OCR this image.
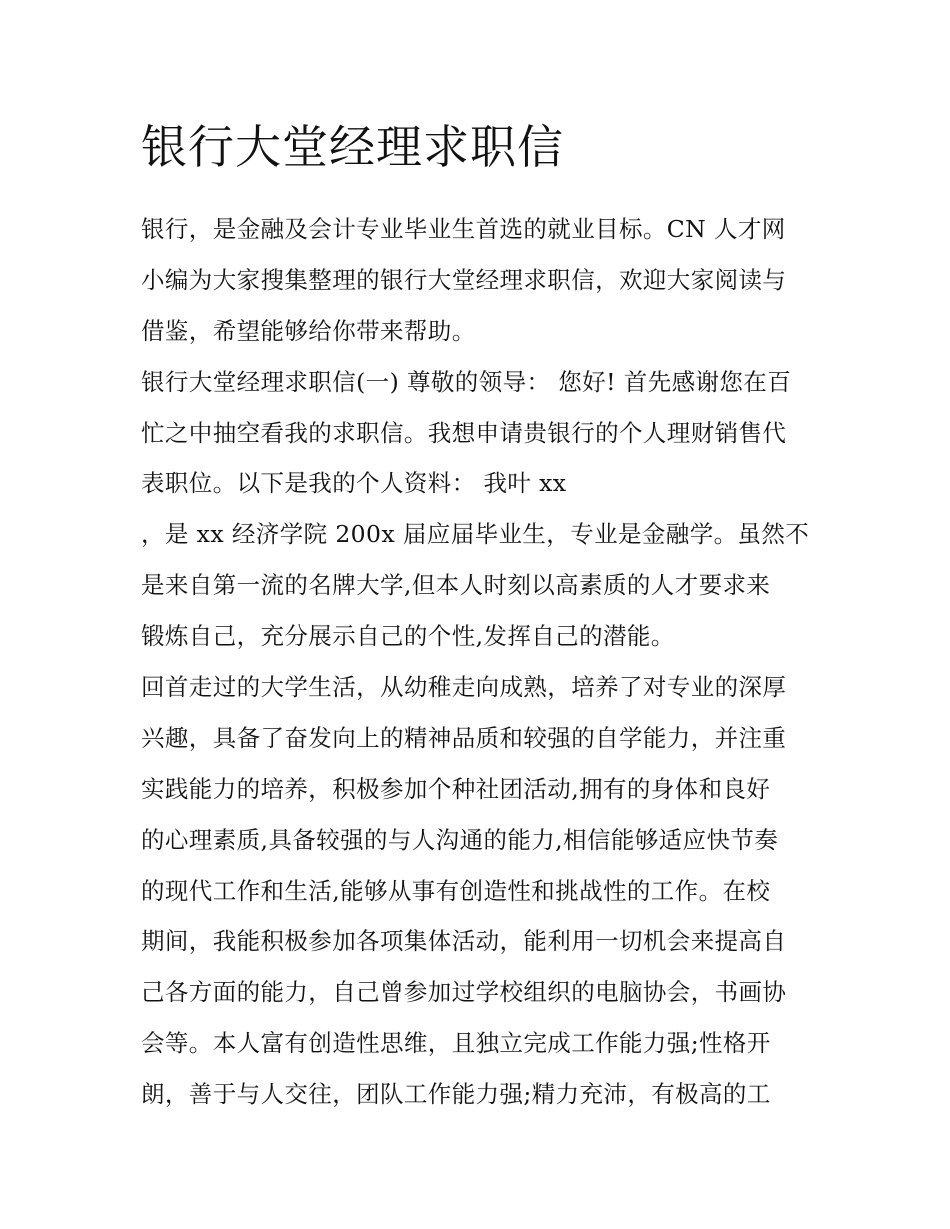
银行大堂经理求职信
银行，是金融及会计专业毕业生首选的就业目标。CN 人才网
小编为大家搜集整理的银行大堂经理求职信，欢迎大家阅读与
借鉴，希望能够给你带来帮助。
银行大堂经理求职信(一) 尊敬的领导： 您好! 首先感谢您在百
忙之中抽空看我的求职信。我想申请贵银行的个人理财销售代
表职位。以下是我的个人资料： 我叶 xx
，是 xx 经济学院 200x 届应届毕业生，专业是金融学。虽然不
是来自第一流的名牌大学,但本人时刻以高素质的人才要求来
锻炼自己，充分展示自己的个性,发挥自己的潜能。
回首走过的大学生活，从幼稚走向成熟，培养了对专业的深厚
兴趣，具备了奋发向上的精神品质和较强的自学能力，并注重
实践能力的培养，积极参加个种社团活动,拥有的身体和良好
的心理素质,具备较强的与人沟通的能力,相信能够适应快节奏
的现代工作和生活,能够从事有创造性和挑战性的工作。在校
期间，我能积极参加各项集体活动，能利用一切机会来提高自
己各方面的能力，自己曾参加过学校组织的电脑协会，书画协
会等。本人富有创造性思维，且独立完成工作能力强;性格开
朗，善于与人交往，团队工作能力强;精力充沛，有极高的工
